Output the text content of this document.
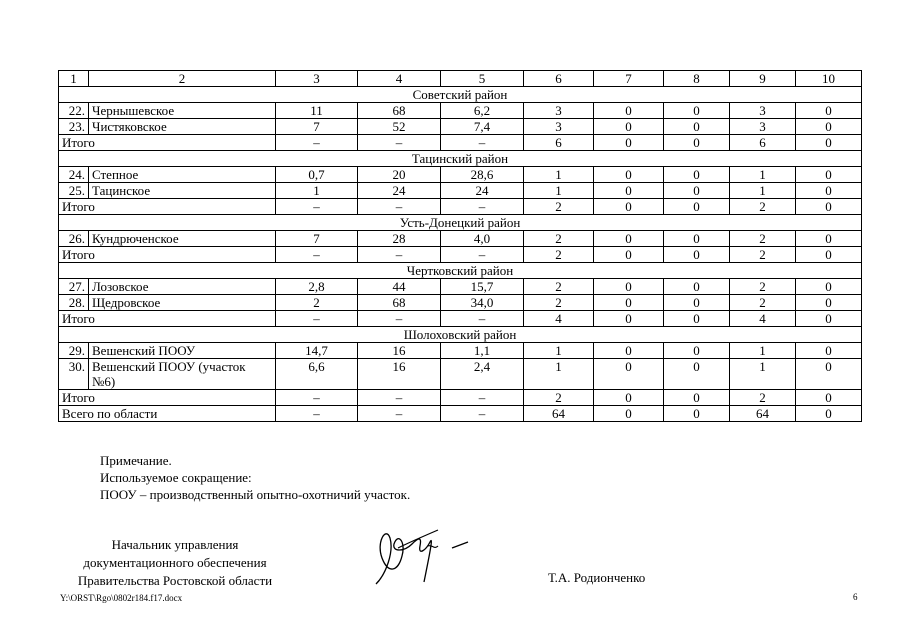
1	2	3	4	5	6	7	8	9	10
Советский район									
22.	Чернышевское	11	68	6,2	3	0	0	3	0
23.	Чистяковское	7	52	7,4	3	0	0	3	0
Итого		–	–	–	6	0	0	6	0
Тацинский район									
24.	Степное	0,7	20	28,6	1	0	0	1	0
25.	Тацинское	1	24	24	1	0	0	1	0
Итого		–	–	–	2	0	0	2	0
Усть-Донецкий район									
26.	Кундрюченское	7	28	4,0	2	0	0	2	0
Итого		–	–	–	2	0	0	2	0
Чертковский район									
27.	Лозовское	2,8	44	15,7	2	0	0	2	0
28.	Щедровское	2	68	34,0	2	0	0	2	0
Итого		–	–	–	4	0	0	4	0
Шолоховский район									
29.	Вешенский ПООУ	14,7	16	1,1	1	0	0	1	0
30.	Вешенский ПООУ (участок №6)	6,6	16	2,4	1	0	0	1	0
Итого		–	–	–	2	0	0	2	0
Всего по области		–	–	–	64	0	0	64	0
Примечание.
Используемое сокращение:
ПООУ – производственный опытно-охотничий участок.
Начальник управления
документационного обеспечения
Правительства Ростовской области	Т.А. Родионченко
Y:\ORST\Rgo\0802r184.f17.docx	6
